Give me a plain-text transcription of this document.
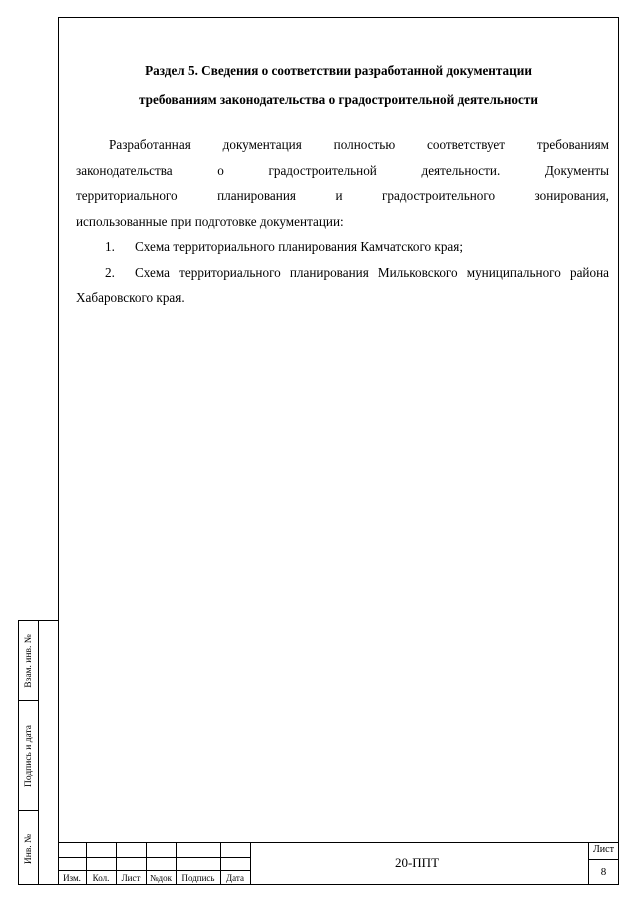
Взам. инв. №
Подпись и дата
Инв. №
Раздел 5. Сведения о соответствии разработанной документации
требованиям законодательства о градостроительной деятельности
Разработанная документация полностью соответствует требованиям
законодательства	о	градостроительной	деятельности.	Документы
территориального	планирования	и	градостроительного	зонирования,
использованные при подготовке документации:

1. Схема территориального планирования Камчатского края;

2. Схема территориального планирования Мильковского муниципального района Хабаровского края.

Изм.	Кол.	Лист	№док	Подпись	Дата
20-ППТ
Лист
8
